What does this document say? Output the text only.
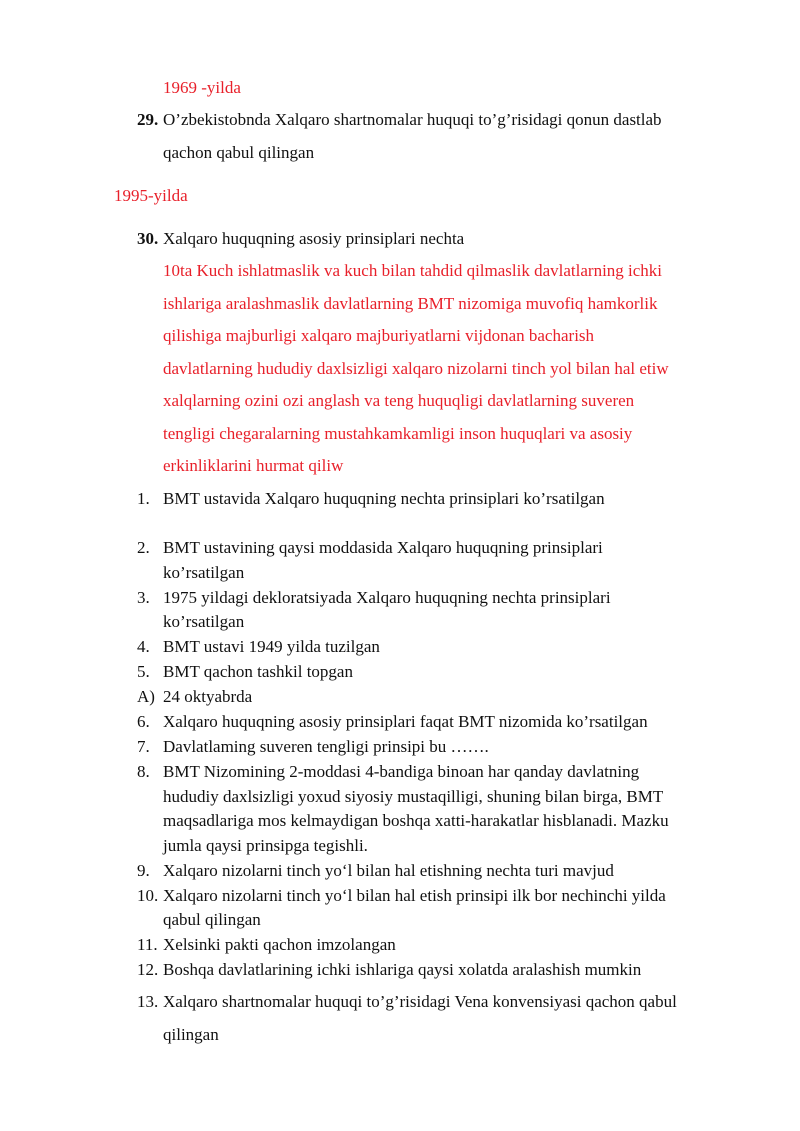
1969 -yilda
29. O’zbekistobnda Xalqaro shartnomalar huquqi to’g’risidagi qonun dastlab
qachon qabul qilingan
1995-yilda
30. Xalqaro huquqning asosiy prinsiplari nechta
10ta Kuch ishlatmaslik va kuch bilan tahdid qilmaslik davlatlarning ichki
ishlariga aralashmaslik davlatlarning BMT nizomiga muvofiq hamkorlik
qilishiga majburligi xalqaro majburiyatlarni vijdonan bacharish
davlatlarning hududiy daxlsizligi xalqaro nizolarni tinch yol bilan hal etiw
xalqlarning ozini ozi anglash va teng huquqligi davlatlarning suveren
tengligi chegaralarning mustahkamkamligi inson huquqlari va asosiy
erkinliklarini hurmat qiliw
1. BMT ustavida Xalqaro huquqning nechta prinsiplari ko’rsatilgan
2. BMT ustavining qaysi moddasida Xalqaro huquqning prinsiplari
ko’rsatilgan
3. 1975 yildagi dekloratsiyada Xalqaro huquqning nechta prinsiplari
ko’rsatilgan
4. BMT ustavi 1949 yilda tuzilgan
5. BMT qachon tashkil topgan
A) 24 oktyabrda
6. Xalqaro huquqning asosiy prinsiplari faqat BMT nizomida ko’rsatilgan
7. Davlatlaming suveren tengligi prinsipi bu …….
8. BMT Nizomining 2-moddasi 4-bandiga binoan har qanday davlatning
hududiy daxlsizligi yoxud siyosiy mustaqilligi, shuning bilan birga, BMT
maqsadlariga mos kelmaydigan boshqa xatti-harakatlar hisblanadi. Mazku
jumla qaysi prinsipga tegishli.
9. Xalqaro nizolarni tinch yo‘l bilan hal etishning nechta turi mavjud
10. Xalqaro nizolarni tinch yo‘l bilan hal etish prinsipi ilk bor nechinchi yilda
qabul qilingan
11. Xelsinki pakti qachon imzolangan
12. Boshqa davlatlarining ichki ishlariga qaysi xolatda aralashish mumkin
13. Xalqaro shartnomalar huquqi to’g’risidagi Vena konvensiyasi qachon qabul
qilingan
